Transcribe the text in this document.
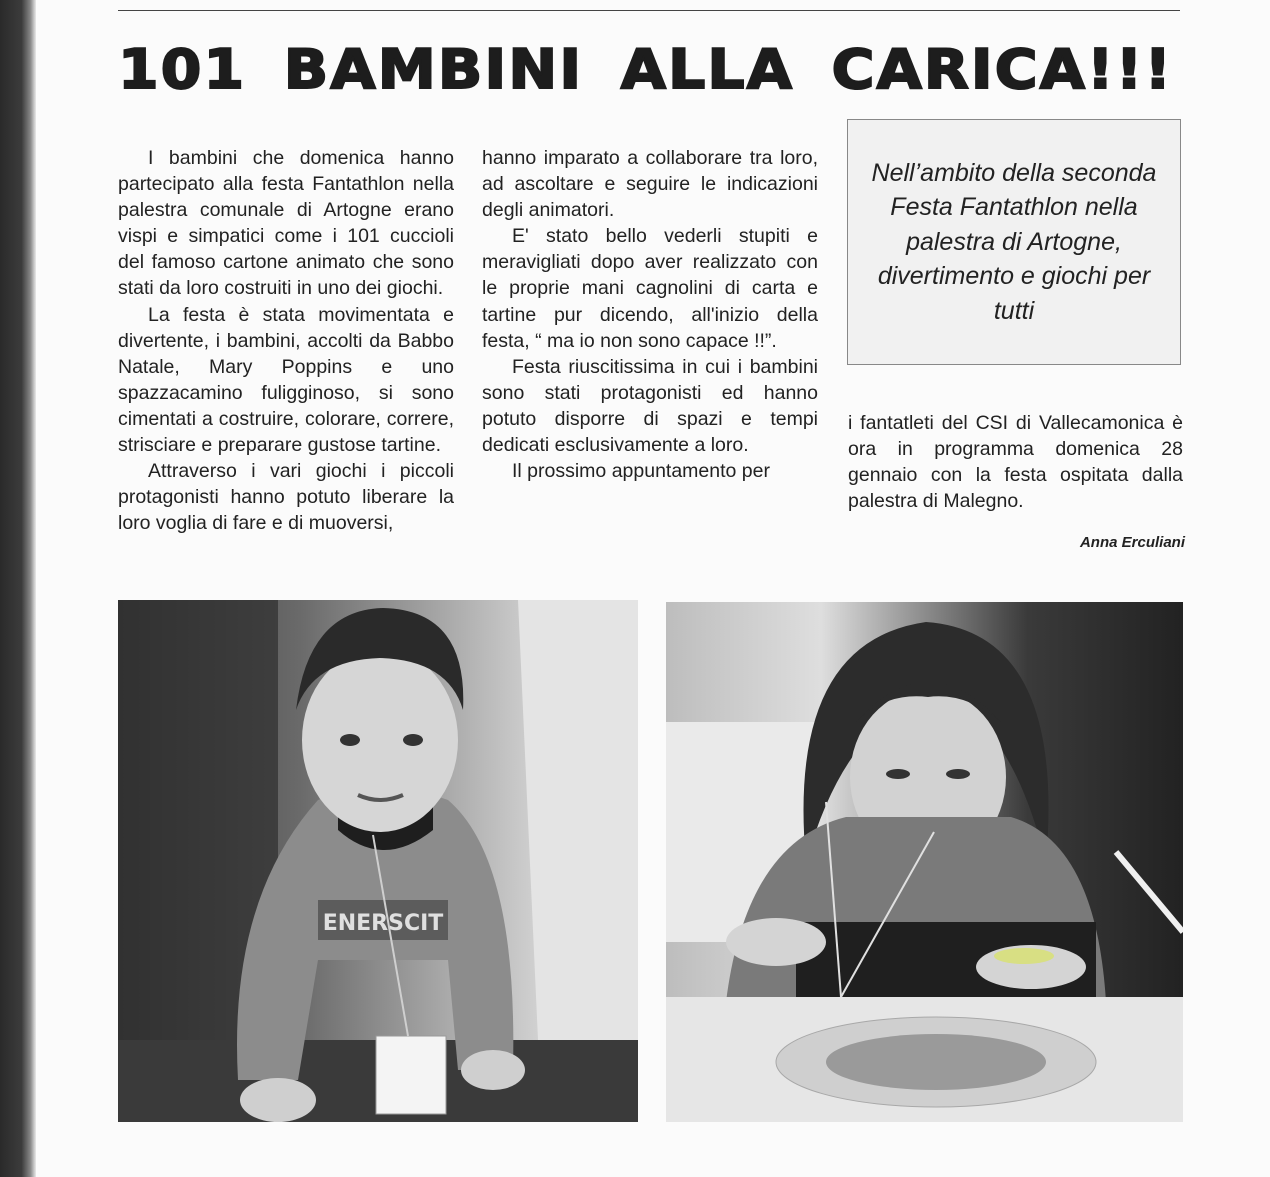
101 BAMBINI ALLA CARICA!!!

I bambini che domenica hanno partecipato alla festa Fantathlon nella palestra comunale di Artogne erano vispi e simpatici come i 101 cuccioli del famoso cartone animato che sono stati da loro costruiti in uno dei giochi.

La festa è stata movimentata e divertente, i bambini, accolti da Babbo Natale, Mary Poppins e uno spazzacamino fuligginoso, si sono cimentati a costruire, colorare, correre, strisciare e preparare gustose tartine.

Attraverso i vari giochi i piccoli protagonisti hanno potuto liberare la loro voglia di fare e di muoversi,

hanno imparato a collaborare tra loro, ad ascoltare e seguire le indicazioni degli animatori.

E' stato bello vederli stupiti e meravigliati dopo aver realizzato con le proprie mani cagnolini di carta e tartine pur dicendo, all'inizio della festa, “ ma io non sono capace !!”.

Festa riuscitissima in cui i bambini sono stati protagonisti ed hanno potuto disporre di spazi e tempi dedicati esclusivamente a loro.

Il prossimo appuntamento per

Nell’ambito della seconda Festa Fantathlon nella palestra di Artogne, divertimento e giochi per tutti

i fantatleti del CSI di Vallecamonica è ora in programma domenica 28 gennaio con la festa ospitata dalla palestra di Malegno.

Anna Erculiani
ENERSCIT
